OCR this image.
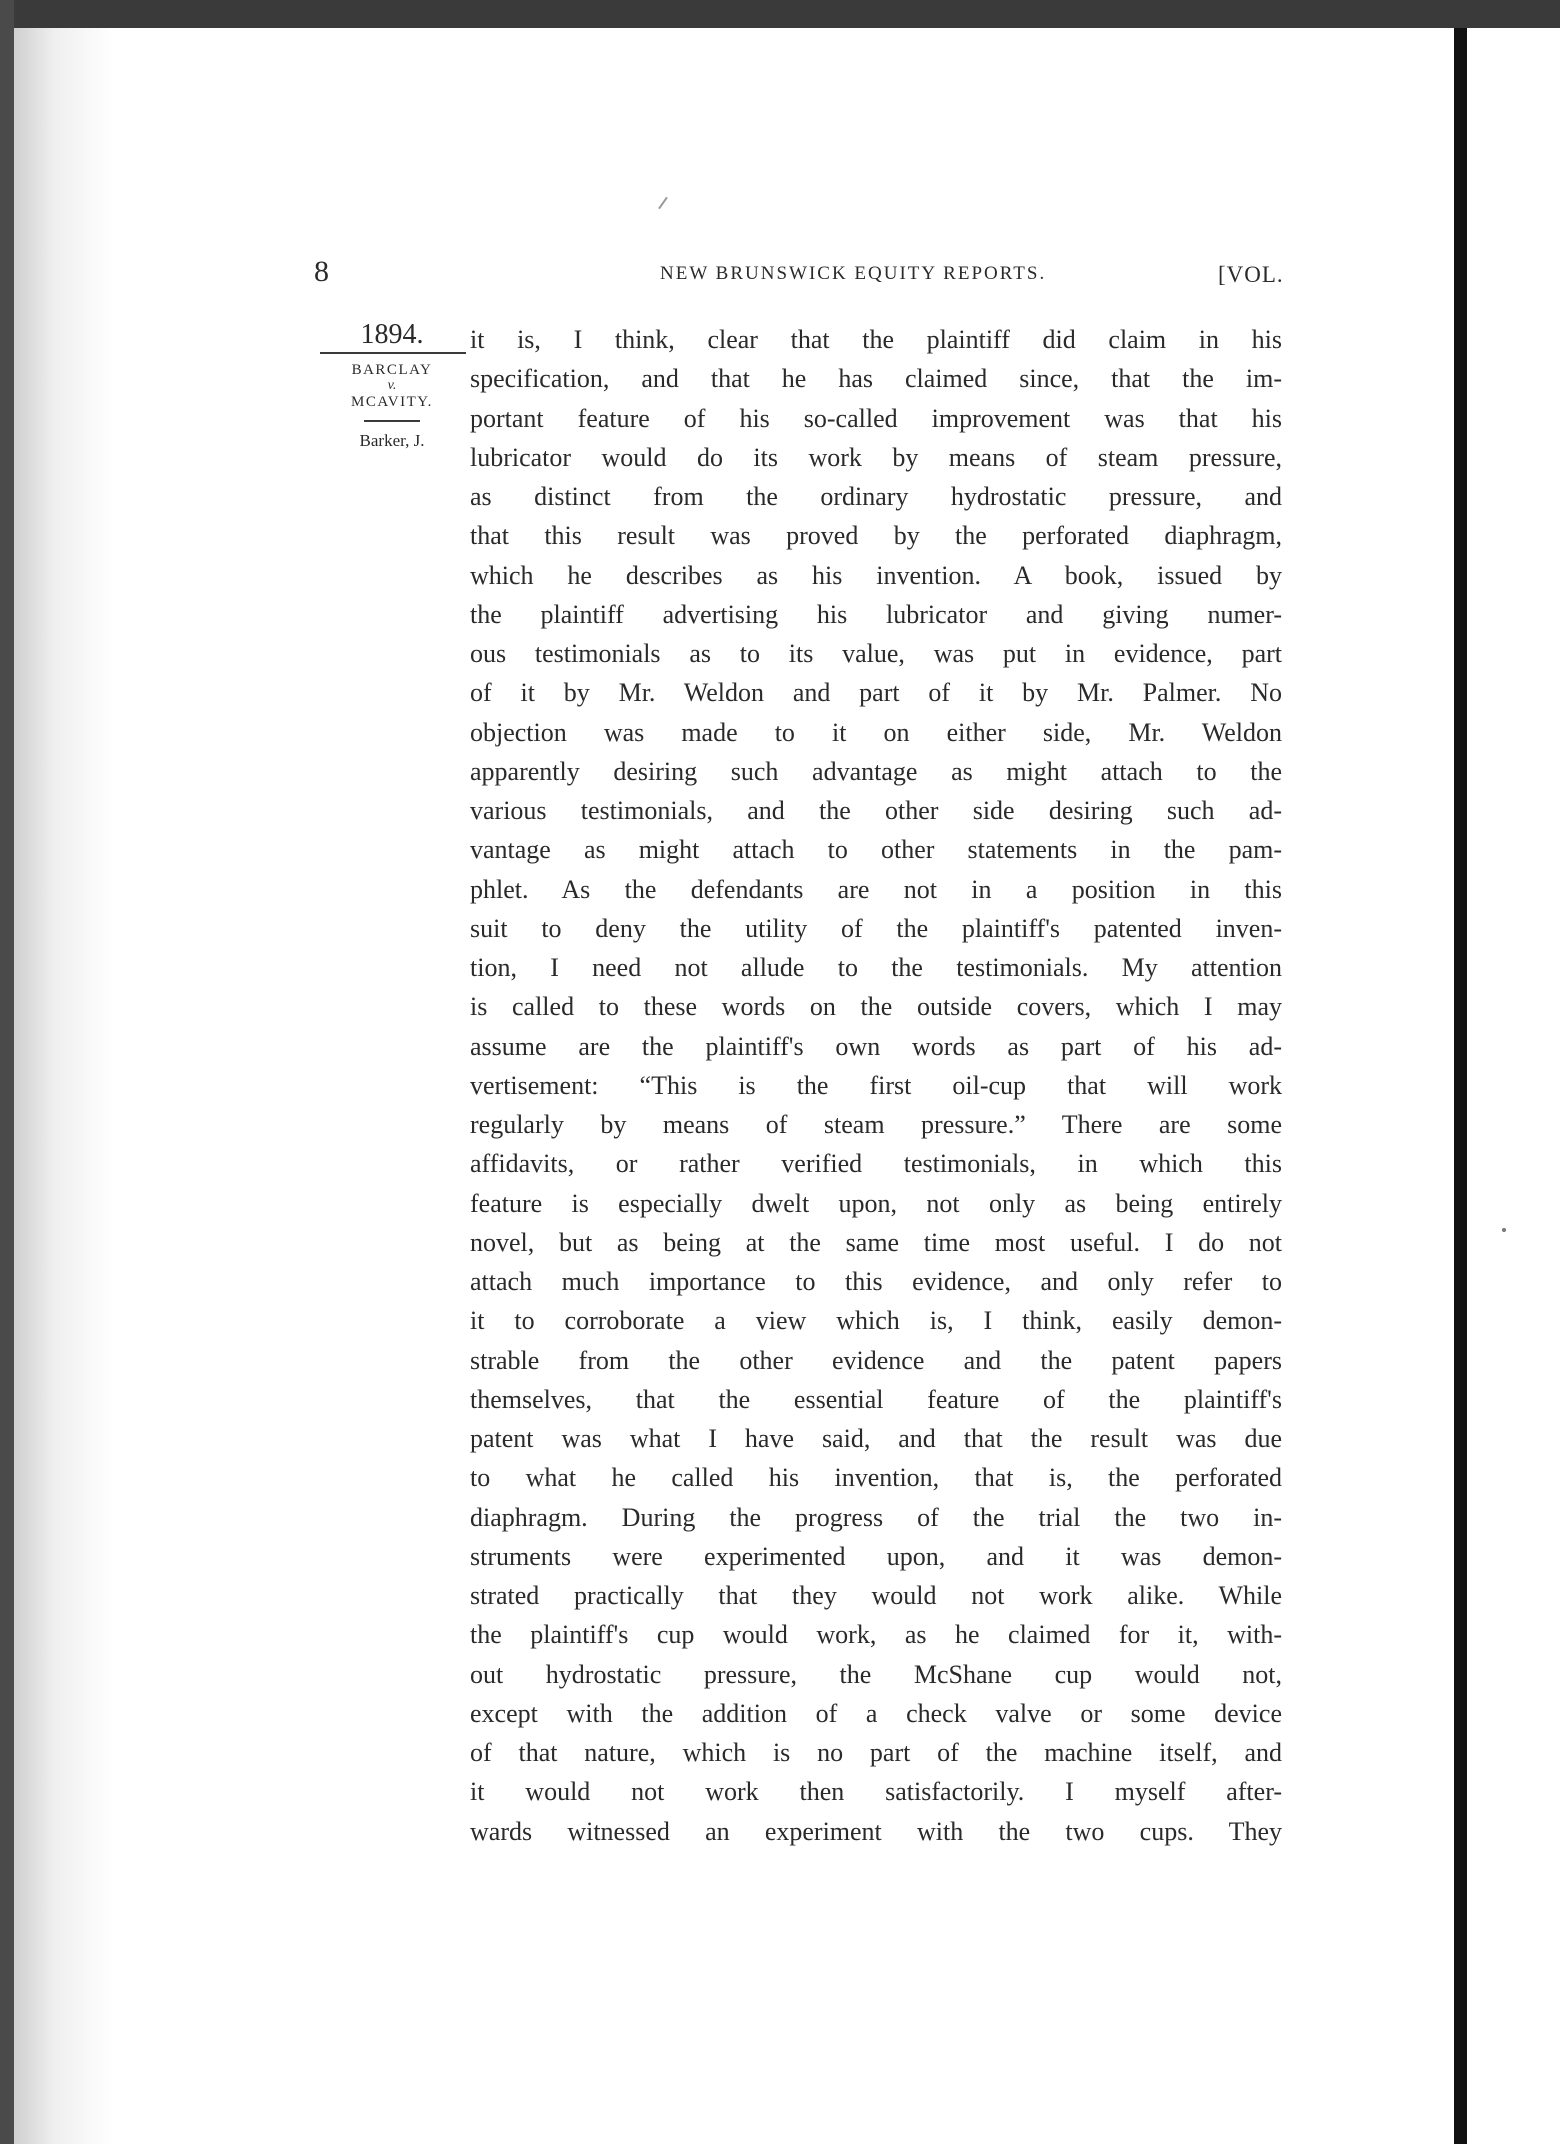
8	NEW BRUNSWICK EQUITY REPORTS.	[VOL.
1894.
BARCLAY
v.
MCAVITY.
Barker, J.
it is, I think, clear that the plaintiff did claim in his
specification, and that he has claimed since, that the im-
portant feature of his so-called improvement was that his
lubricator would do its work by means of steam pressure,
as distinct from the ordinary hydrostatic pressure, and
that this result was proved by the perforated diaphragm,
which he describes as his invention. A book, issued by
the plaintiff advertising his lubricator and giving numer-
ous testimonials as to its value, was put in evidence, part
of it by Mr. Weldon and part of it by Mr. Palmer. No
objection was made to it on either side, Mr. Weldon
apparently desiring such advantage as might attach to the
various testimonials, and the other side desiring such ad-
vantage as might attach to other statements in the pam-
phlet. As the defendants are not in a position in this
suit to deny the utility of the plaintiff's patented inven-
tion, I need not allude to the testimonials. My attention
is called to these words on the outside covers, which I may
assume are the plaintiff's own words as part of his ad-
vertisement: “This is the first oil-cup that will work
regularly by means of steam pressure.” There are some
affidavits, or rather verified testimonials, in which this
feature is especially dwelt upon, not only as being entirely
novel, but as being at the same time most useful. I do not
attach much importance to this evidence, and only refer to
it to corroborate a view which is, I think, easily demon-
strable from the other evidence and the patent papers
themselves, that the essential feature of the plaintiff's
patent was what I have said, and that the result was due
to what he called his invention, that is, the perforated
diaphragm. During the progress of the trial the two in-
struments were experimented upon, and it was demon-
strated practically that they would not work alike. While
the plaintiff's cup would work, as he claimed for it, with-
out hydrostatic pressure, the McShane cup would not,
except with the addition of a check valve or some device
of that nature, which is no part of the machine itself, and
it would not work then satisfactorily. I myself after-
wards witnessed an experiment with the two cups. They
